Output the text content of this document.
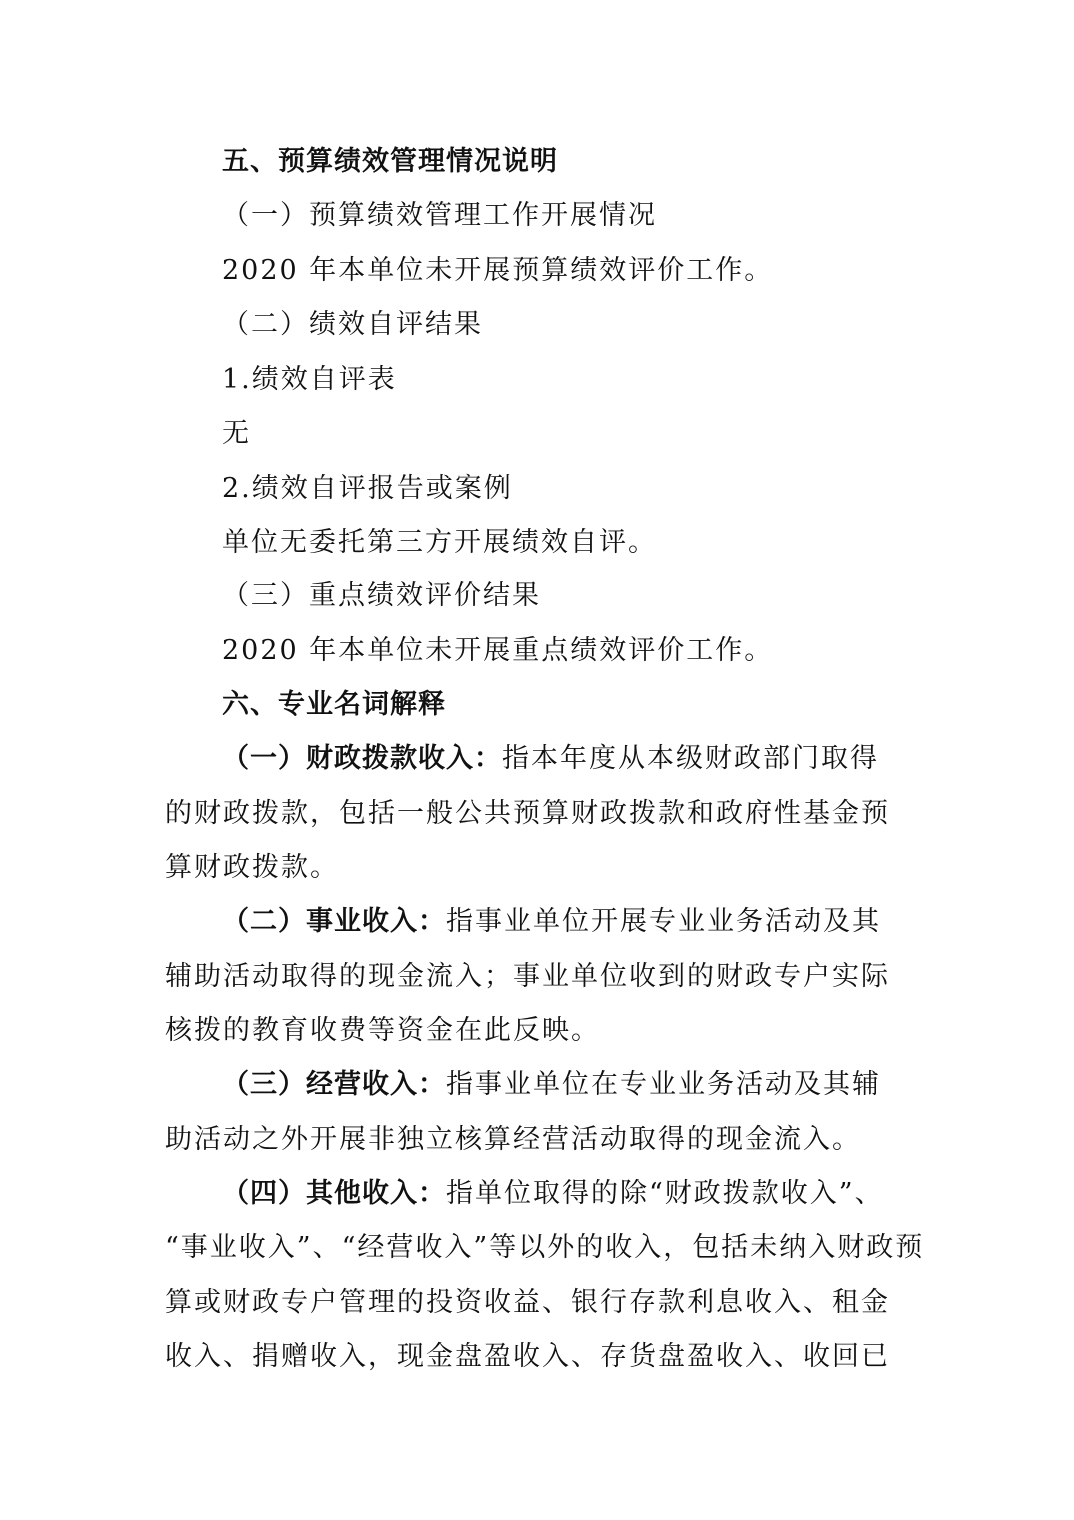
五、预算绩效管理情况说明
（一）预算绩效管理工作开展情况
2020 年本单位未开展预算绩效评价工作。
（二）绩效自评结果
1.绩效自评表
无
2.绩效自评报告或案例
单位无委托第三方开展绩效自评。
（三）重点绩效评价结果
2020 年本单位未开展重点绩效评价工作。
六、专业名词解释
（一）财政拨款收入：指本年度从本级财政部门取得
的财政拨款，包括一般公共预算财政拨款和政府性基金预
算财政拨款。
（二）事业收入：指事业单位开展专业业务活动及其
辅助活动取得的现金流入；事业单位收到的财政专户实际
核拨的教育收费等资金在此反映。
（三）经营收入：指事业单位在专业业务活动及其辅
助活动之外开展非独立核算经营活动取得的现金流入。
（四）其他收入：指单位取得的除“财政拨款收入”、
“事业收入”、“经营收入”等以外的收入，包括未纳入财政预
算或财政专户管理的投资收益、银行存款利息收入、租金
收入、捐赠收入，现金盘盈收入、存货盘盈收入、收回已
